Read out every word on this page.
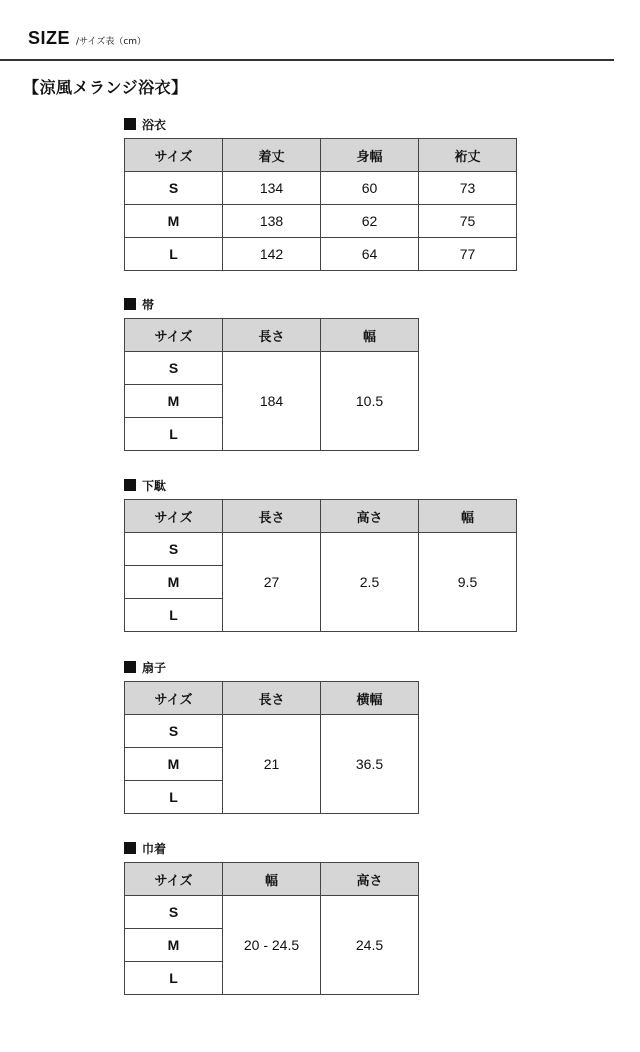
SIZE /サイズ表（cm）
【涼風メランジ浴衣】
浴衣
サイズ	着丈	身幅	裄丈
S	134	60	73
M	138	62	75
L	142	64	77
帯
サイズ	長さ	幅
S	184	10.5
M		
L		
下駄
サイズ	長さ	高さ	幅
S	27	2.5	9.5
M			
L			
扇子
サイズ	長さ	横幅
S	21	36.5
M		
L		
巾着
サイズ	幅	高さ
S	20 - 24.5	24.5
M		
L		
